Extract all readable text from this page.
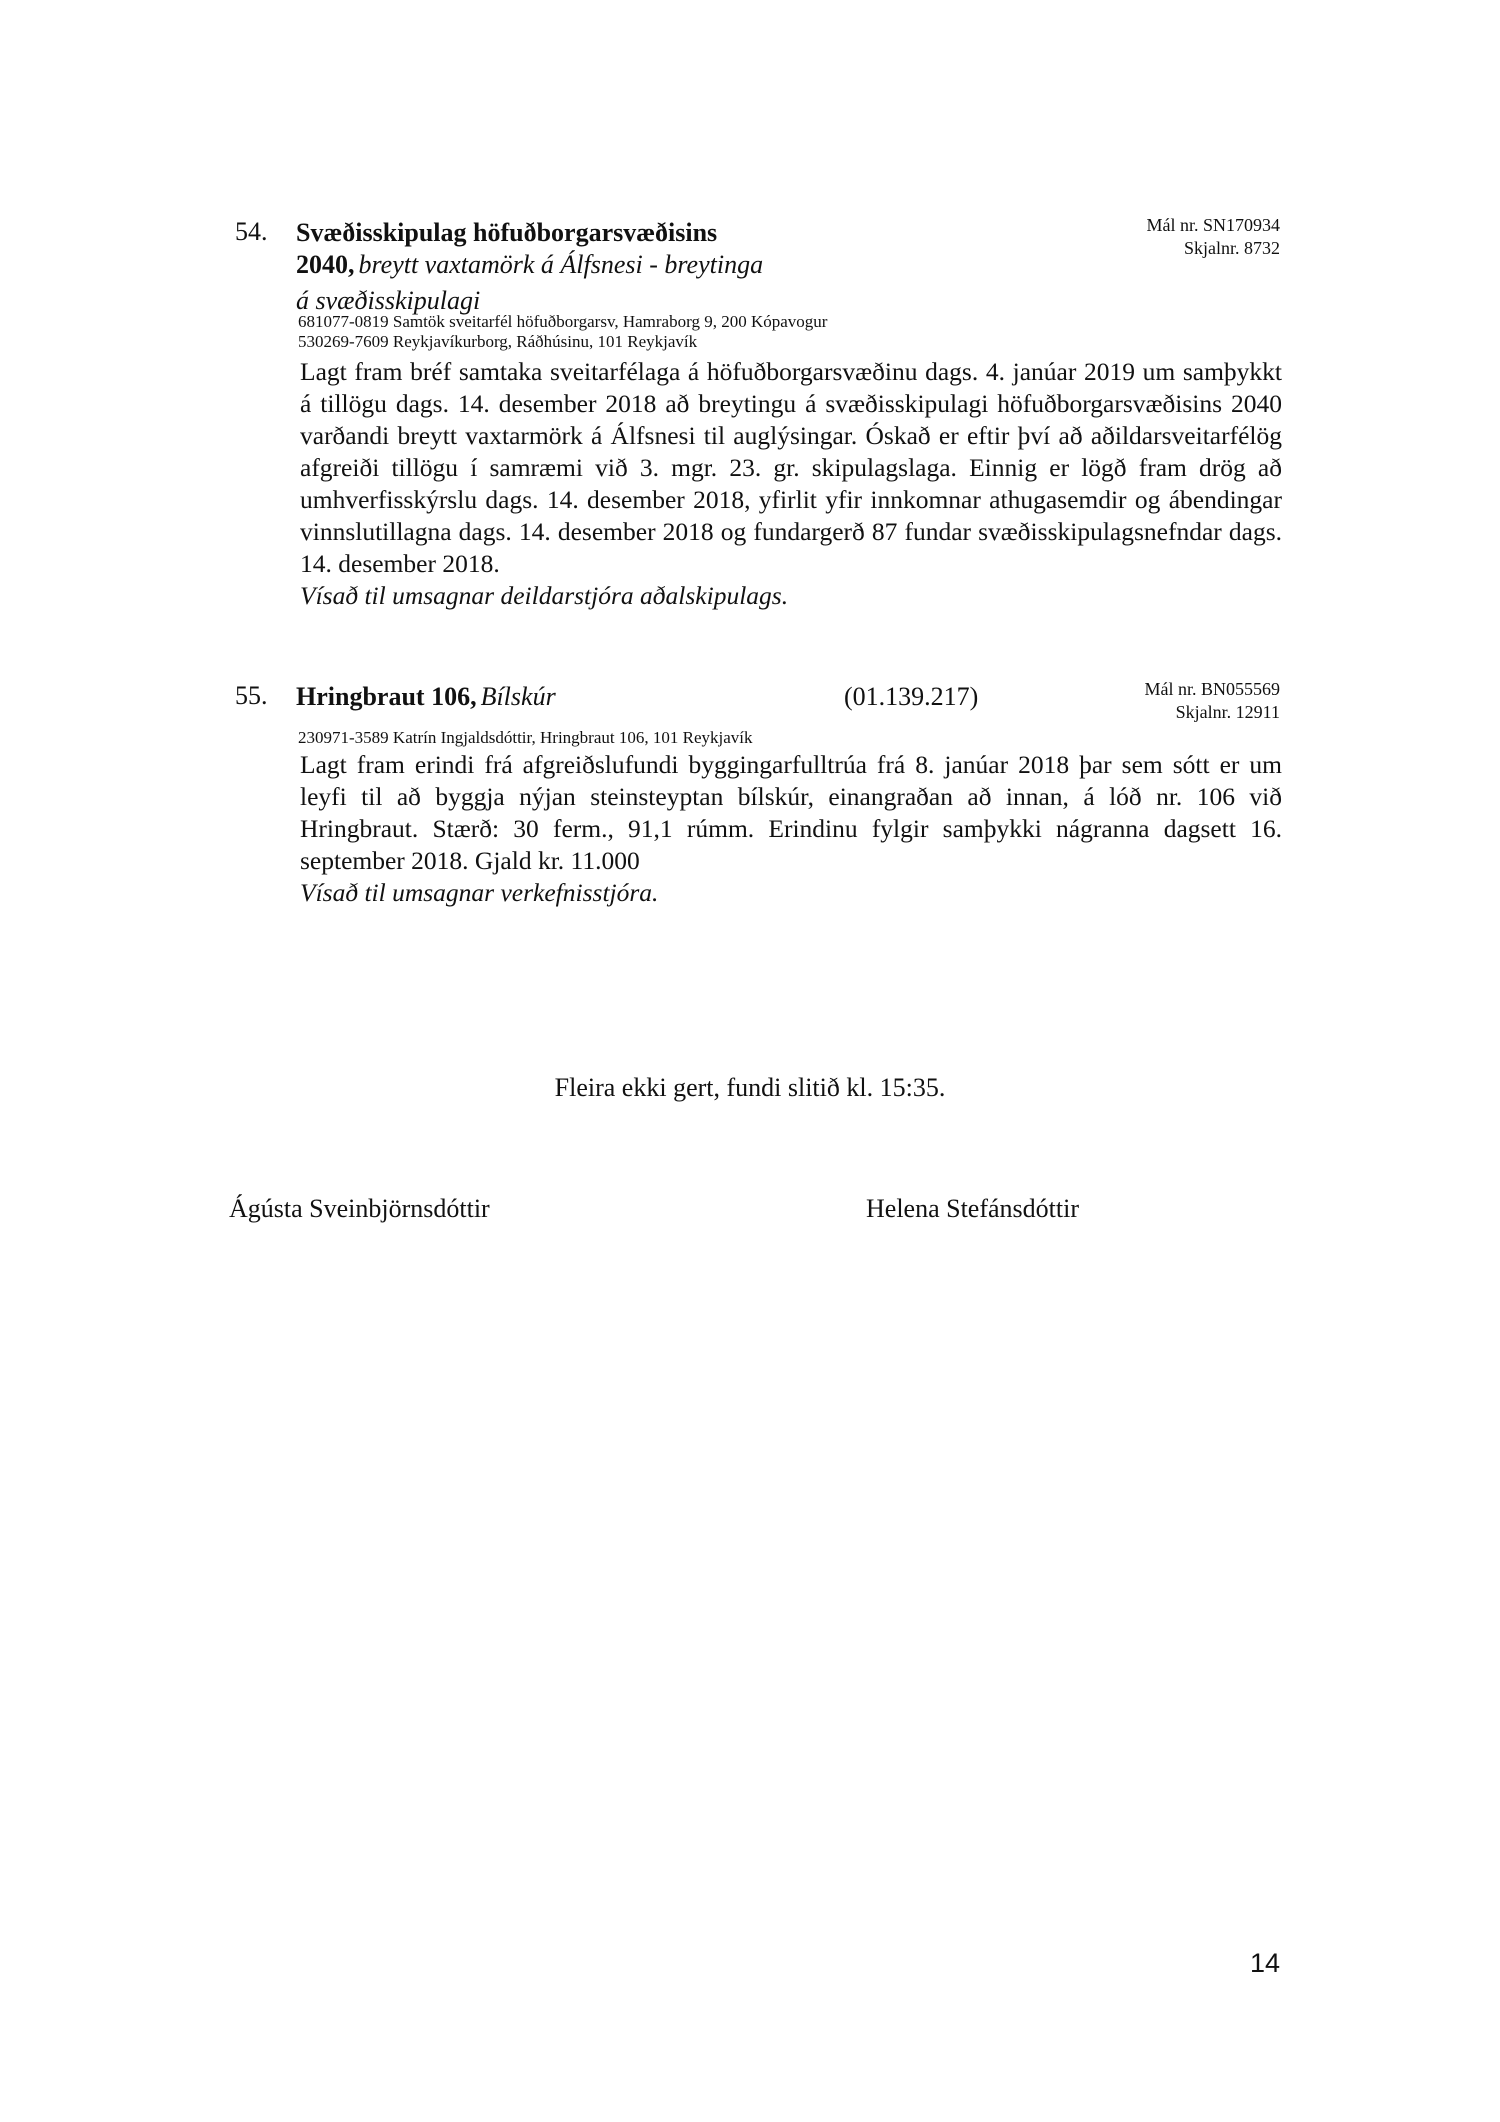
54. Svæðisskipulag höfuðborgarsvæðisins
2040, breytt vaxtamörk á Álfsnesi - breytinga
á svæðisskipulagi
Mál nr. SN170934
Skjalnr. 8732
681077-0819 Samtök sveitarfél höfuðborgarsv, Hamraborg 9, 200 Kópavogur
530269-7609 Reykjavíkurborg, Ráðhúsinu, 101 Reykjavík

Lagt fram bréf samtaka sveitarfélaga á höfuðborgarsvæðinu dags. 4. janúar 2019 um samþykkt á tillögu dags. 14. desember 2018 að breytingu á svæðisskipulagi höfuðborgarsvæðisins 2040 varðandi breytt vaxtarmörk á Álfsnesi til auglýsingar. Óskað er eftir því að aðildarsveitarfélög afgreiði tillögu í samræmi við 3. mgr. 23. gr. skipulagslaga. Einnig er lögð fram drög að umhverfisskýrslu dags. 14. desember 2018, yfirlit yfir innkomnar athugasemdir og ábendingar vinnslutillagna dags. 14. desember 2018 og fundargerð 87 fundar svæðisskipulagsnefndar dags. 14. desember 2018.

Vísað til umsagnar deildarstjóra aðalskipulags.
55. Hringbraut 106, Bílskúr	(01.139.217)	Mál nr. BN055569
Skjalnr. 12911
230971-3589 Katrín Ingjaldsdóttir, Hringbraut 106, 101 Reykjavík

Lagt fram erindi frá afgreiðslufundi byggingarfulltrúa frá 8. janúar 2018 þar sem sótt er um leyfi til að byggja nýjan steinsteyptan bílskúr, einangraðan að innan, á lóð nr. 106 við Hringbraut. Stærð: 30 ferm., 91,1 rúmm. Erindinu fylgir samþykki nágranna dagsett 16. september 2018. Gjald kr. 11.000

Vísað til umsagnar verkefnisstjóra.
Fleira ekki gert, fundi slitið kl. 15:35.
Ágústa Sveinbjörnsdóttir	Helena Stefánsdóttir
14
